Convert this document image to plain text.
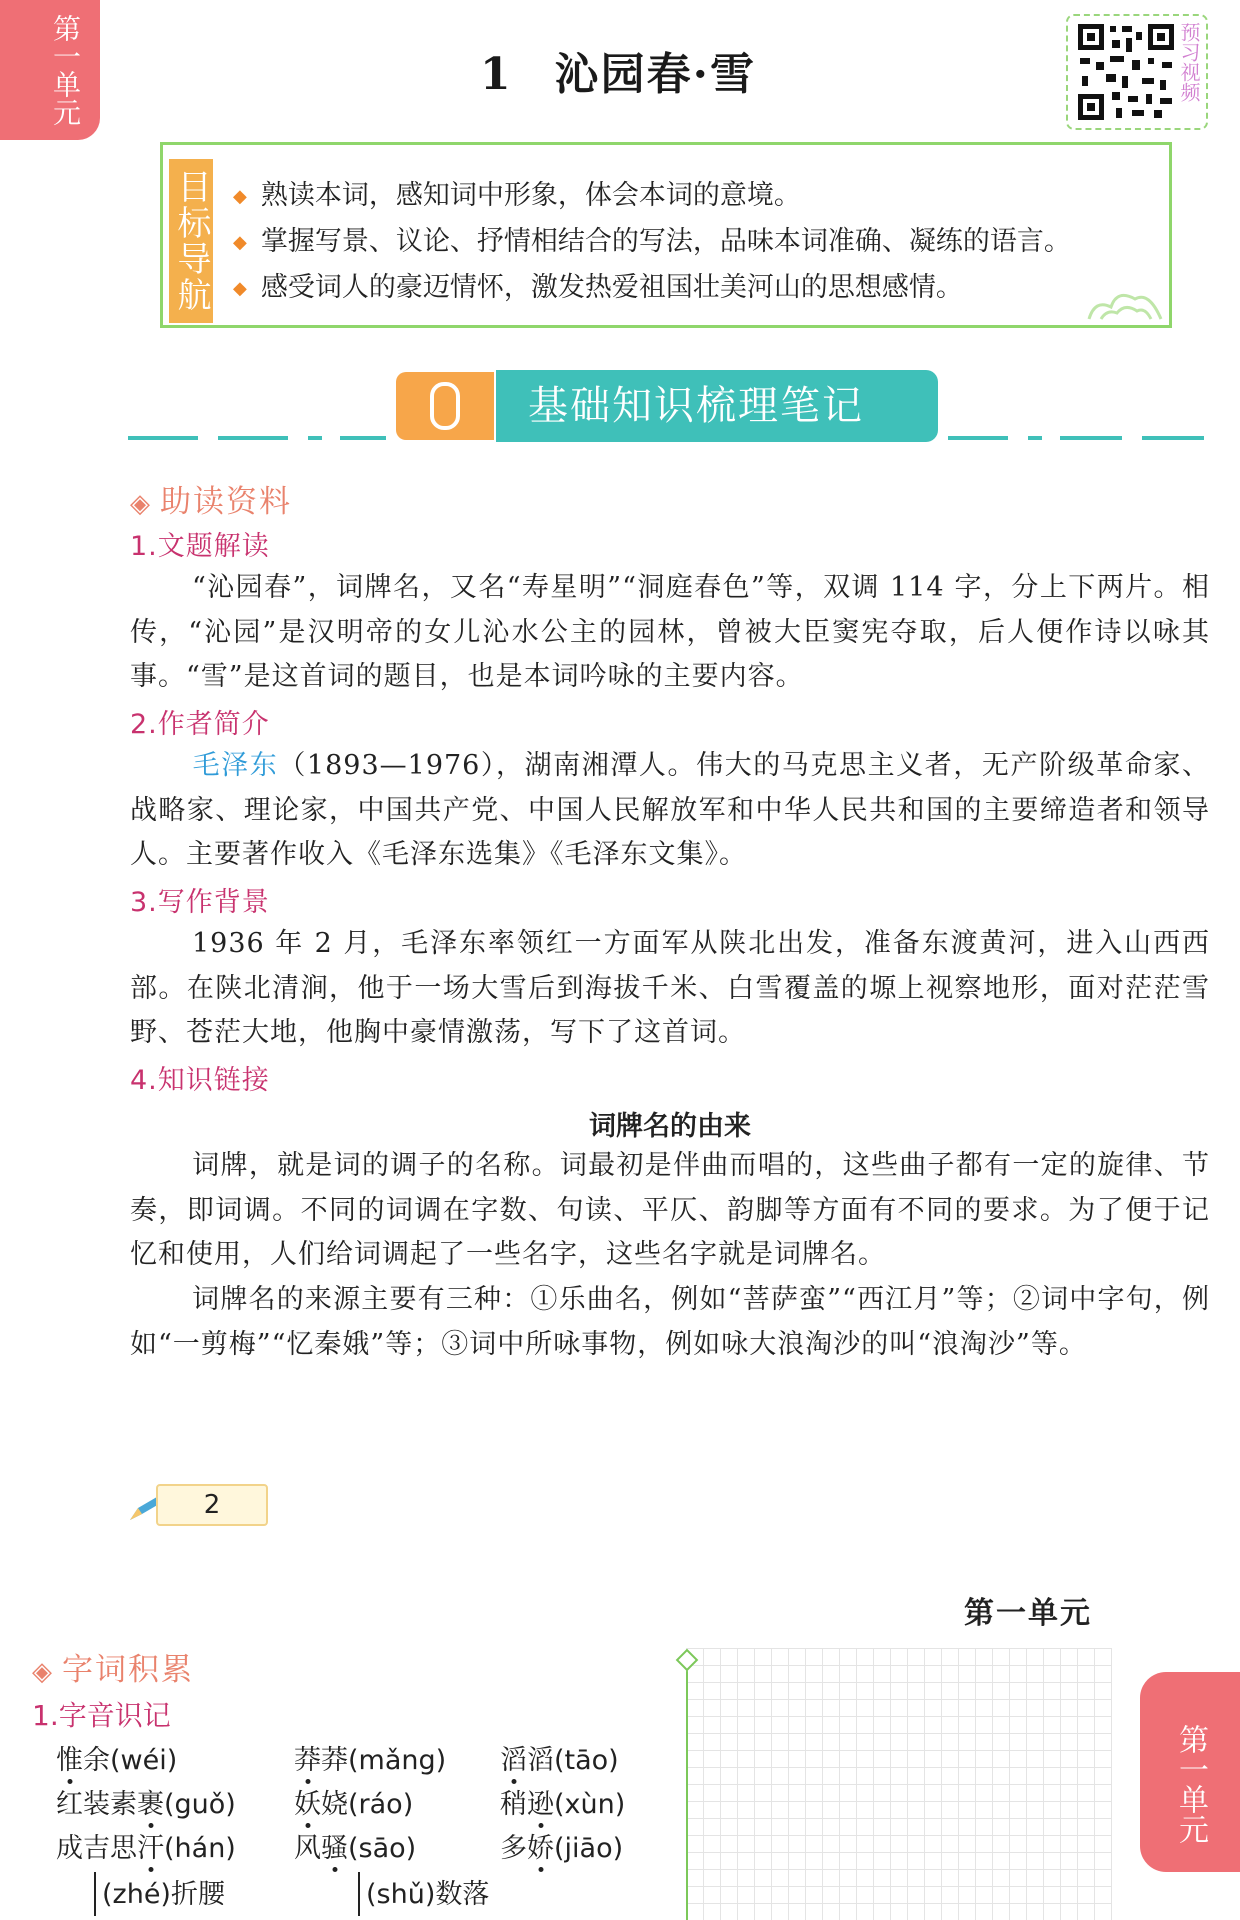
第一单元	1 沁园春·雪	预习视频
目标导航 ◆ 熟读本词，感知词中形象，体会本词的意境。
◆ 掌握写景、议论、抒情相结合的写法，品味本词准确、凝练的语言。
◆ 感受词人的豪迈情怀，激发热爱祖国壮美河山的思想感情。
基础知识梳理笔记
◈ 助读资料
1.文题解读
“沁园春”，词牌名，又名“寿星明”“洞庭春色”等，双调 114 字，分上下两片。相传，“沁园”是汉明帝的女儿沁水公主的园林，曾被大臣窦宪夺取，后人便作诗以咏其事。“雪”是这首词的题目，也是本词吟咏的主要内容。
2.作者简介
毛泽东（1893—1976），湖南湘潭人。伟大的马克思主义者，无产阶级革命家、战略家、理论家，中国共产党、中国人民解放军和中华人民共和国的主要缔造者和领导人。主要著作收入《毛泽东选集》《毛泽东文集》。
3.写作背景
1936 年 2 月，毛泽东率领红一方面军从陕北出发，准备东渡黄河，进入山西西部。在陕北清涧，他于一场大雪后到海拔千米、白雪覆盖的塬上视察地形，面对茫茫雪野、苍茫大地，他胸中豪情激荡，写下了这首词。
4.知识链接
词牌名的由来
词牌，就是词的调子的名称。词最初是伴曲而唱的，这些曲子都有一定的旋律、节奏，即词调。不同的词调在字数、句读、平仄、韵脚等方面有不同的要求。为了便于记忆和使用，人们给词调起了一些名字，这些名字就是词牌名。
词牌名的来源主要有三种：①乐曲名，例如“菩萨蛮”“西江月”等；②词中字句，例如“一剪梅”“忆秦娥”等；③词中所咏事物，例如咏大浪淘沙的叫“浪淘沙”等。
2
第一单元
第一单元
◈ 字词积累
1.字音识记
惟余(wéi)	莽莽(mǎng) 滔滔(tāo)
红装素裹(guǒ) 妖娆(ráo)	稍逊(xùn)
成吉思汗(hán) 风骚(sāo)	多娇(jiāo)
(zhé)折腰	(shǔ)数落
